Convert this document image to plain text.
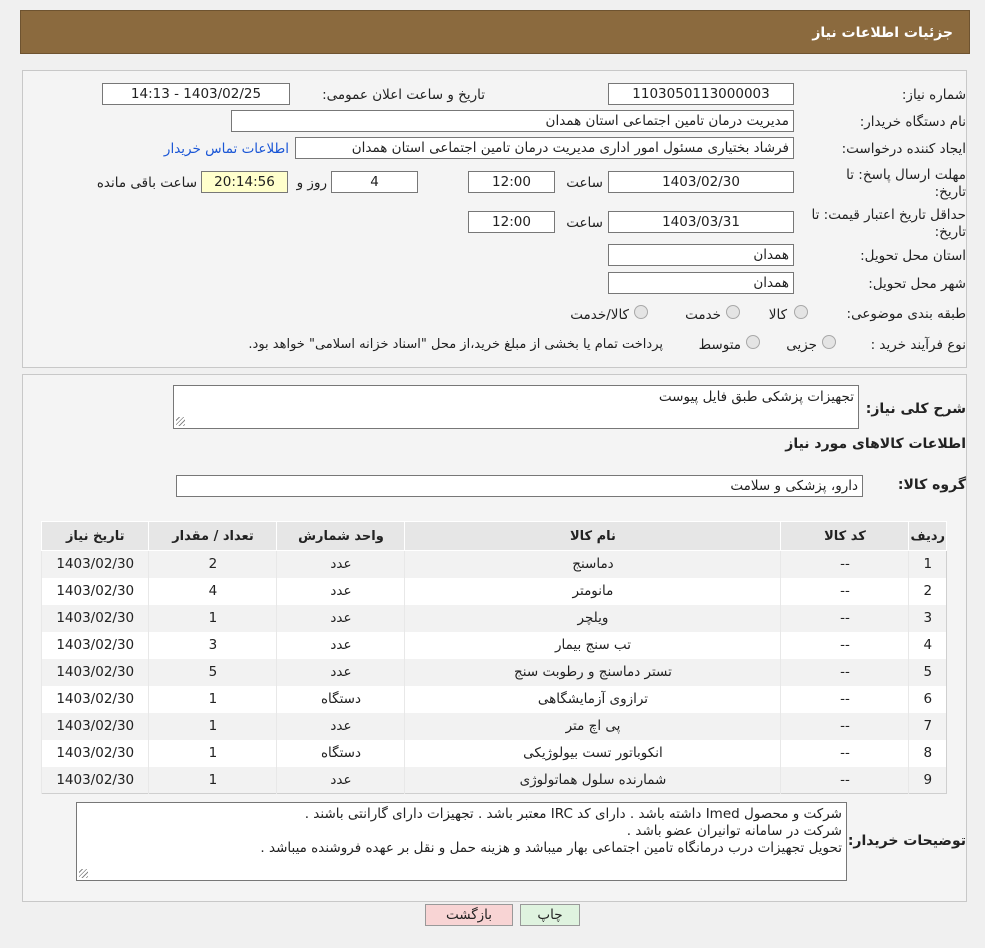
جزئیات اطلاعات نیاز
شماره نیاز:
1103050113000003
تاریخ و ساعت اعلان عمومی:
1403/02/25 - 14:13
نام دستگاه خریدار:
مدیریت درمان تامین اجتماعی استان همدان
ایجاد کننده درخواست:
فرشاد بختیاری مسئول امور اداری مدیریت درمان تامین اجتماعی استان همدان
اطلاعات تماس خریدار
مهلت ارسال پاسخ: تا
تاریخ:
1403/02/30
ساعت
12:00
4
روز و
20:14:56
ساعت باقی مانده
حداقل تاریخ اعتبار قیمت: تا
تاریخ:
1403/03/31
ساعت
12:00
استان محل تحویل:
همدان
شهر محل تحویل:
همدان
طبقه بندی موضوعی:
کالا
خدمت
کالا/خدمت
نوع فرآیند خرید :
جزیی
متوسط
پرداخت تمام یا بخشی از مبلغ خرید،از محل "اسناد خزانه اسلامی" خواهد بود.
شرح کلی نیاز:
تجهیزات پزشکی طبق فایل پیوست
اطلاعات کالاهای مورد نیاز
گروه کالا:
دارو، پزشکی و سلامت
ردیف	کد کالا	نام کالا	واحد شمارش	تعداد / مقدار	تاریخ نیاز
1	--	دماسنج	عدد	2	1403/02/30
2	--	مانومتر	عدد	4	1403/02/30
3	--	ویلچر	عدد	1	1403/02/30
4	--	تب سنج بیمار	عدد	3	1403/02/30
5	--	تستر دماسنج و رطوبت سنج	عدد	5	1403/02/30
6	--	ترازوی آزمایشگاهی	دستگاه	1	1403/02/30
7	--	پی اچ متر	عدد	1	1403/02/30
8	--	انکوباتور تست بیولوژیکی	دستگاه	1	1403/02/30
9	--	شمارنده سلول هماتولوژی	عدد	1	1403/02/30
توضیحات خریدار:
شرکت و محصول Imed داشته باشد . دارای کد IRC معتبر باشد . تجهیزات دارای گارانتی باشند .
شرکت در سامانه توانیران عضو باشد .
تحویل تجهیزات درب درمانگاه تامین اجتماعی بهار میباشد و هزینه حمل و نقل بر عهده فروشنده میباشد .
چاپ
بازگشت
